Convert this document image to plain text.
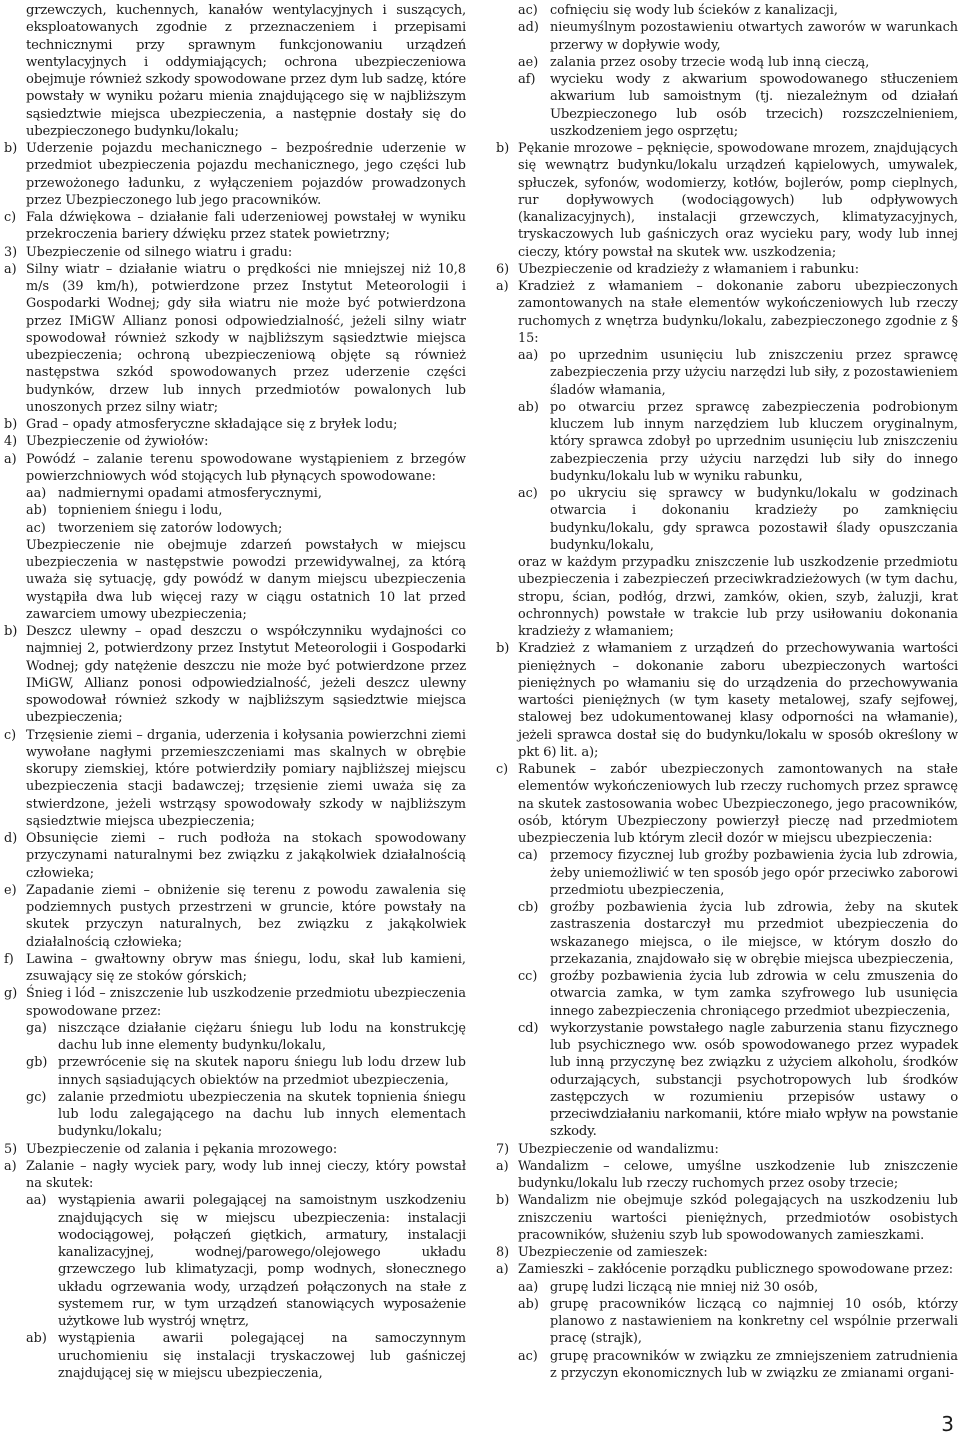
grzewczych, kuchennych, kanałów wentylacyjnych i suszących, eksploatowanych zgodnie z przeznaczeniem i przepisami technicznymi przy sprawnym funkcjonowaniu urządzeń wentylacyjnych i oddymiających; ochrona ubezpieczeniowa obejmuje również szkody spowodowane przez dym lub sadzę, które powstały w wyniku pożaru mienia znajdującego się w najbliższym sąsiedztwie miejsca ubezpieczenia, a następnie dostały się do ubezpieczonego budynku/lokalu;
b) Uderzenie pojazdu mechanicznego – bezpośrednie uderzenie w przedmiot ubezpieczenia pojazdu mechanicznego, jego części lub przewożonego ładunku, z wyłączeniem pojazdów prowadzonych przez Ubezpieczonego lub jego pracowników.
c) Fala dźwiękowa – działanie fali uderzeniowej powstałej w wyniku przekroczenia bariery dźwięku przez statek powietrzny;
3) Ubezpieczenie od silnego wiatru i gradu:
a) Silny wiatr – działanie wiatru o prędkości nie mniejszej niż 10,8 m/s (39 km/h), potwierdzone przez Instytut Meteorologii i Gospodarki Wodnej; gdy siła wiatru nie może być potwierdzona przez IMiGW Allianz ponosi odpowiedzialność, jeżeli silny wiatr spowodował również szkody w najbliższym sąsiedztwie miejsca ubezpieczenia; ochroną ubezpieczeniową objęte są również następstwa szkód spowodowanych przez uderzenie części budynków, drzew lub innych przedmiotów powalonych lub unoszonych przez silny wiatr;
b) Grad – opady atmosferyczne składające się z bryłek lodu;
4) Ubezpieczenie od żywiołów:
a) Powódź – zalanie terenu spowodowane wystąpieniem z brzegów powierzchniowych wód stojących lub płynących spowodowane:
aa) nadmiernymi opadami atmosferycznymi,
ab) topnieniem śniegu i lodu,
ac) tworzeniem się zatorów lodowych;
Ubezpieczenie nie obejmuje zdarzeń powstałych w miejscu ubezpieczenia w następstwie powodzi przewidywalnej, za którą uważa się sytuację, gdy powódź w danym miejscu ubezpieczenia wystąpiła dwa lub więcej razy w ciągu ostatnich 10 lat przed zawarciem umowy ubezpieczenia;
b) Deszcz ulewny – opad deszczu o współczynniku wydajności co najmniej 2, potwierdzony przez Instytut Meteorologii i Gospodarki Wodnej; gdy natężenie deszczu nie może być potwierdzone przez IMiGW, Allianz ponosi odpowiedzialność, jeżeli deszcz ulewny spowodował również szkody w najbliższym sąsiedztwie miejsca ubezpieczenia;
c) Trzęsienie ziemi – drgania, uderzenia i kołysania powierzchni ziemi wywołane nagłymi przemieszczeniami mas skalnych w obrębie skorupy ziemskiej, które potwierdziły pomiary najbliższej miejscu ubezpieczenia stacji badawczej; trzęsienie ziemi uważa się za stwierdzone, jeżeli wstrząsy spowodowały szkody w najbliższym sąsiedztwie miejsca ubezpieczenia;
d) Obsunięcie ziemi – ruch podłoża na stokach spowodowany przyczynami naturalnymi bez związku z jakąkolwiek działalnością człowieka;
e) Zapadanie ziemi – obniżenie się terenu z powodu zawalenia się podziemnych pustych przestrzeni w gruncie, które powstały na skutek przyczyn naturalnych, bez związku z jakąkolwiek działalnością człowieka;
f) Lawina – gwałtowny obryw mas śniegu, lodu, skał lub kamieni, zsuwający się ze stoków górskich;
g) Śnieg i lód – zniszczenie lub uszkodzenie przedmiotu ubezpieczenia spowodowane przez:
ga) niszczące działanie ciężaru śniegu lub lodu na konstrukcję dachu lub inne elementy budynku/lokalu,
gb) przewrócenie się na skutek naporu śniegu lub lodu drzew lub innych sąsiadujących obiektów na przedmiot ubezpieczenia,
gc) zalanie przedmiotu ubezpieczenia na skutek topnienia śniegu lub lodu zalegającego na dachu lub innych elementach budynku/lokalu;
5) Ubezpieczenie od zalania i pękania mrozowego:
a) Zalanie – nagły wyciek pary, wody lub innej cieczy, który powstał na skutek:
aa) wystąpienia awarii polegającej na samoistnym uszkodzeniu znajdujących się w miejscu ubezpieczenia: instalacji wodociągowej, połączeń giętkich, armatury, instalacji kanalizacyjnej, wodnej/parowego/olejowego układu grzewczego lub klimatyzacji, pomp wodnych, słonecznego układu ogrzewania wody, urządzeń połączonych na stałe z systemem rur, w tym urządzeń stanowiących wyposażenie użytkowe lub wystrój wnętrz,
ab) wystąpienia awarii polegającej na samoczynnym uruchomieniu się instalacji tryskaczowej lub gaśniczej znajdującej się w miejscu ubezpieczenia,
ac) cofnięciu się wody lub ścieków z kanalizacji,
ad) nieumyślnym pozostawieniu otwartych zaworów w warunkach przerwy w dopływie wody,
ae) zalania przez osoby trzecie wodą lub inną cieczą,
af) wycieku wody z akwarium spowodowanego stłuczeniem akwarium lub samoistnym (tj. niezależnym od działań Ubezpieczonego lub osób trzecich) rozszczelnieniem, uszkodzeniem jego osprzętu;
b) Pękanie mrozowe – pęknięcie, spowodowane mrozem, znajdujących się wewnątrz budynku/lokalu urządzeń kąpielowych, umywalek, spłuczek, syfonów, wodomierzy, kotłów, bojlerów, pomp cieplnych, rur dopływowych (wodociągowych) lub odpływowych (kanalizacyjnych), instalacji grzewczych, klimatyzacyjnych, tryskaczowych lub gaśniczych oraz wycieku pary, wody lub innej cieczy, który powstał na skutek ww. uszkodzenia;
6) Ubezpieczenie od kradzieży z włamaniem i rabunku:
a) Kradzież z włamaniem – dokonanie zaboru ubezpieczonych zamontowanych na stałe elementów wykończeniowych lub rzeczy ruchomych z wnętrza budynku/lokalu, zabezpieczonego zgodnie z § 15:
aa) po uprzednim usunięciu lub zniszczeniu przez sprawcę zabezpieczenia przy użyciu narzędzi lub siły, z pozostawieniem śladów włamania,
ab) po otwarciu przez sprawcę zabezpieczenia podrobionym kluczem lub innym narzędziem lub kluczem oryginalnym, który sprawca zdobył po uprzednim usunięciu lub zniszczeniu zabezpieczenia przy użyciu narzędzi lub siły do innego budynku/lokalu lub w wyniku rabunku,
ac) po ukryciu się sprawcy w budynku/lokalu w godzinach otwarcia i dokonaniu kradzieży po zamknięciu budynku/lokalu, gdy sprawca pozostawił ślady opuszczania budynku/lokalu,
oraz w każdym przypadku zniszczenie lub uszkodzenie przedmiotu ubezpieczenia i zabezpieczeń przeciwkradzieżowych (w tym dachu, stropu, ścian, podłóg, drzwi, zamków, okien, szyb, żaluzji, krat ochronnych) powstałe w trakcie lub przy usiłowaniu dokonania kradzieży z włamaniem;
b) Kradzież z włamaniem z urządzeń do przechowywania wartości pieniężnych – dokonanie zaboru ubezpieczonych wartości pieniężnych po włamaniu się do urządzenia do przechowywania wartości pieniężnych (w tym kasety metalowej, szafy sejfowej, stalowej bez udokumentowanej klasy odporności na włamanie), jeżeli sprawca dostał się do budynku/lokalu w sposób określony w pkt 6) lit. a);
c) Rabunek – zabór ubezpieczonych zamontowanych na stałe elementów wykończeniowych lub rzeczy ruchomych przez sprawcę na skutek zastosowania wobec Ubezpieczonego, jego pracowników, osób, którym Ubezpieczony powierzył pieczę nad przedmiotem ubezpieczenia lub którym zlecił dozór w miejscu ubezpieczenia:
ca) przemocy fizycznej lub groźby pozbawienia życia lub zdrowia, żeby uniemożliwić w ten sposób jego opór przeciwko zaborowi przedmiotu ubezpieczenia,
cb) groźby pozbawienia życia lub zdrowia, żeby na skutek zastraszenia dostarczył mu przedmiot ubezpieczenia do wskazanego miejsca, o ile miejsce, w którym doszło do przekazania, znajdowało się w obrębie miejsca ubezpieczenia,
cc) groźby pozbawienia życia lub zdrowia w celu zmuszenia do otwarcia zamka, w tym zamka szyfrowego lub usunięcia innego zabezpieczenia chroniącego przedmiot ubezpieczenia,
cd) wykorzystanie powstałego nagle zaburzenia stanu fizycznego lub psychicznego ww. osób spowodowanego przez wypadek lub inną przyczynę bez związku z użyciem alkoholu, środków odurzających, substancji psychotropowych lub środków zastępczych w rozumieniu przepisów ustawy o przeciwdziałaniu narkomanii, które miało wpływ na powstanie szkody.
7) Ubezpieczenie od wandalizmu:
a) Wandalizm – celowe, umyślne uszkodzenie lub zniszczenie budynku/lokalu lub rzeczy ruchomych przez osoby trzecie;
b) Wandalizm nie obejmuje szkód polegających na uszkodzeniu lub zniszczeniu wartości pieniężnych, przedmiotów osobistych pracowników, służeniu szyb lub spowodowanych zamieszkami.
8) Ubezpieczenie od zamieszek:
a) Zamieszki – zakłócenie porządku publicznego spowodowane przez:
aa) grupę ludzi liczącą nie mniej niż 30 osób,
ab) grupę pracowników liczącą co najmniej 10 osób, którzy planowo z nastawieniem na konkretny cel wspólnie przerwali pracę (strajk),
ac) grupę pracowników w związku ze zmniejszeniem zatrudnienia z przyczyn ekonomicznych lub w związku ze zmianami organi-
3
